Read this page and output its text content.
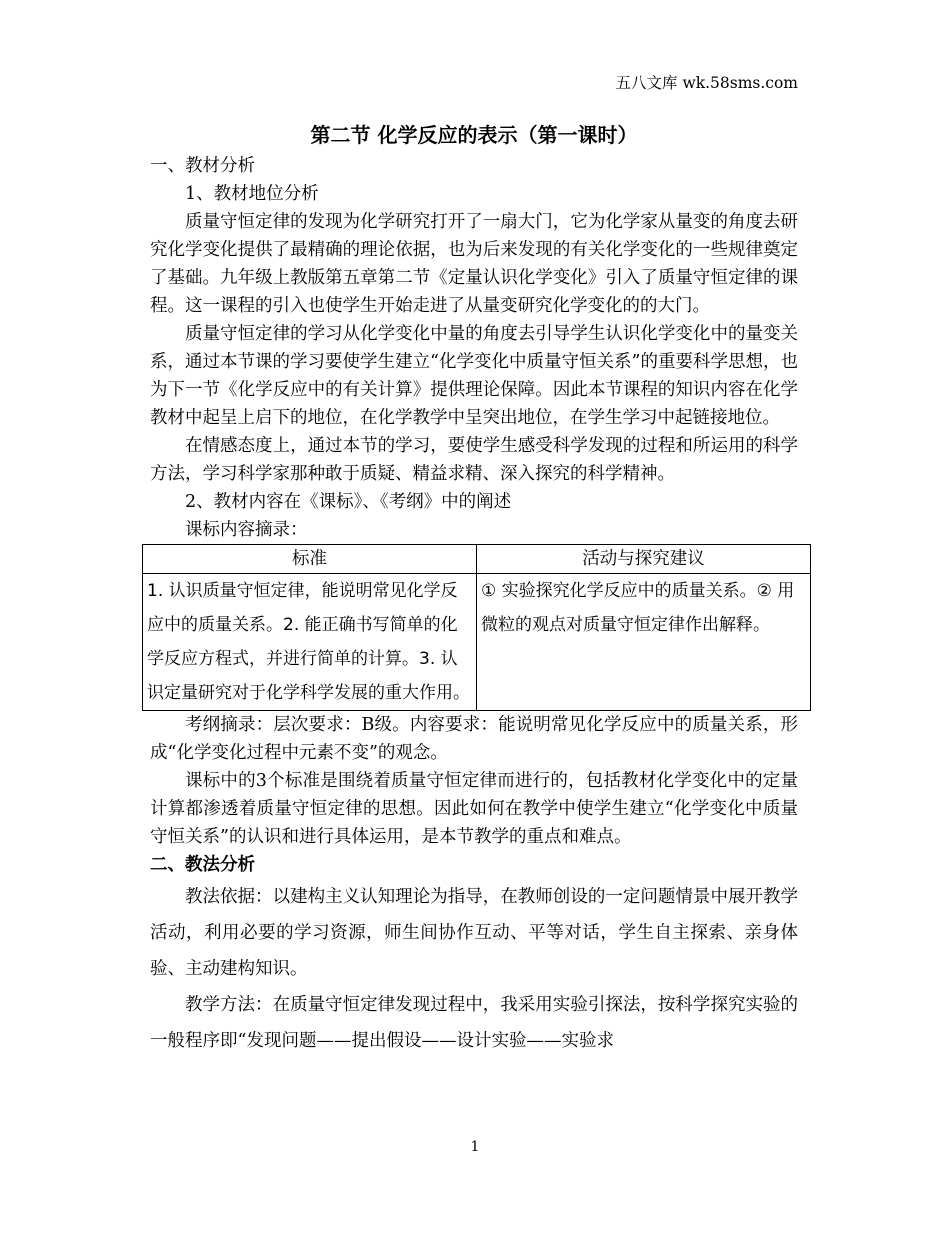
五八文库 wk.58sms.com

第二节 化学反应的表示（第一课时）

一、教材分析

1、教材地位分析

质量守恒定律的发现为化学研究打开了一扇大门，它为化学家从量变的角度去研究化学变化提供了最精确的理论依据，也为后来发现的有关化学变化的一些规律奠定了基础。九年级上教版第五章第二节《定量认识化学变化》引入了质量守恒定律的课程。这一课程的引入也使学生开始走进了从量变研究化学变化的的大门。

质量守恒定律的学习从化学变化中量的角度去引导学生认识化学变化中的量变关系，通过本节课的学习要使学生建立“化学变化中质量守恒关系”的重要科学思想，也为下一节《化学反应中的有关计算》提供理论保障。因此本节课程的知识内容在化学教材中起呈上启下的地位，在化学教学中呈突出地位，在学生学习中起链接地位。

在情感态度上，通过本节的学习，要使学生感受科学发现的过程和所运用的科学方法，学习科学家那种敢于质疑、精益求精、深入探究的科学精神。

2、教材内容在《课标》、《考纲》中的阐述

课标内容摘录：

标准	活动与探究建议
1. 认识质量守恒定律，能说明常见化学反应中的质量关系。2. 能正确书写简单的化学反应方程式，并进行简单的计算。3. 认识定量研究对于化学科学发展的重大作用。	① 实验探究化学反应中的质量关系。② 用微粒的观点对质量守恒定律作出解释。

考纲摘录：层次要求：B级。内容要求：能说明常见化学反应中的质量关系，形成“化学变化过程中元素不变”的观念。

课标中的3个标准是围绕着质量守恒定律而进行的，包括教材化学变化中的定量计算都渗透着质量守恒定律的思想。因此如何在教学中使学生建立“化学变化中质量守恒关系”的认识和进行具体运用，是本节教学的重点和难点。

二、教法分析

教法依据：以建构主义认知理论为指导，在教师创设的一定问题情景中展开教学活动，利用必要的学习资源，师生间协作互动、平等对话，学生自主探索、亲身体验、主动建构知识。

教学方法：在质量守恒定律发现过程中，我采用实验引探法，按科学探究实验的一般程序即“发现问题——提出假设——设计实验——实验求

1
